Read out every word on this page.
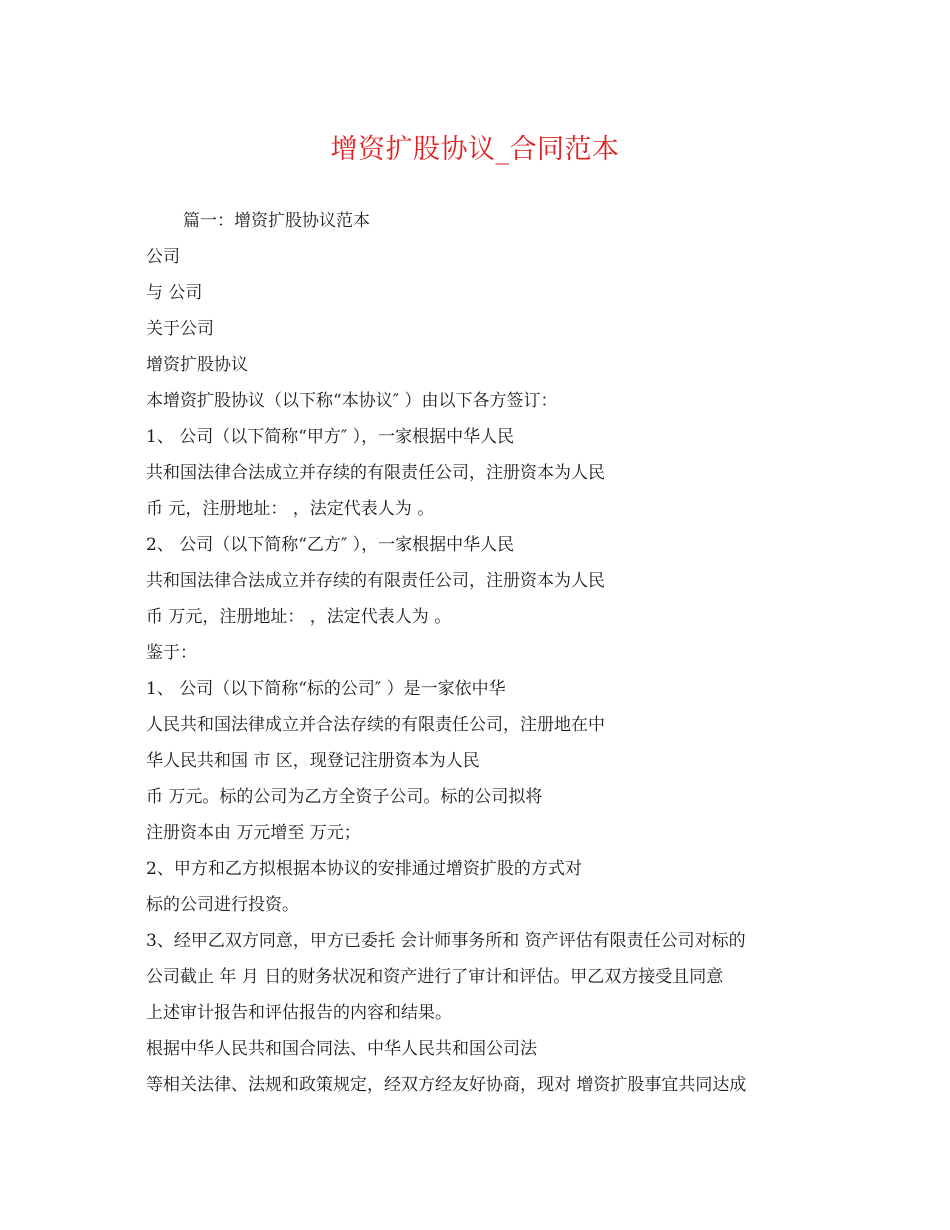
增资扩股协议_合同范本
篇一：增资扩股协议范本
公司
与 公司
关于公司
增资扩股协议
本增资扩股协议（以下称“本协议″ ）由以下各方签订：
1、 公司（以下简称“甲方″ ），一家根据中华人民
共和国法律合法成立并存续的有限责任公司，注册资本为人民
币 元，注册地址： ，法定代表人为 。
2、 公司（以下简称“乙方″ ），一家根据中华人民
共和国法律合法成立并存续的有限责任公司，注册资本为人民
币 万元，注册地址： ，法定代表人为 。
鉴于：
1、 公司（以下简称“标的公司″ ）是一家依中华
人民共和国法律成立并合法存续的有限责任公司，注册地在中
华人民共和国 市 区，现登记注册资本为人民
币 万元。标的公司为乙方全资子公司。标的公司拟将
注册资本由 万元增至 万元；
2、甲方和乙方拟根据本协议的安排通过增资扩股的方式对
标的公司进行投资。
3、经甲乙双方同意，甲方已委托 会计师事务所和 资产评估有限责任公司对标的
公司截止 年 月 日的财务状况和资产进行了审计和评估。甲乙双方接受且同意
上述审计报告和评估报告的内容和结果。
根据中华人民共和国合同法、中华人民共和国公司法
等相关法律、法规和政策规定，经双方经友好协商，现对 增资扩股事宜共同达成
